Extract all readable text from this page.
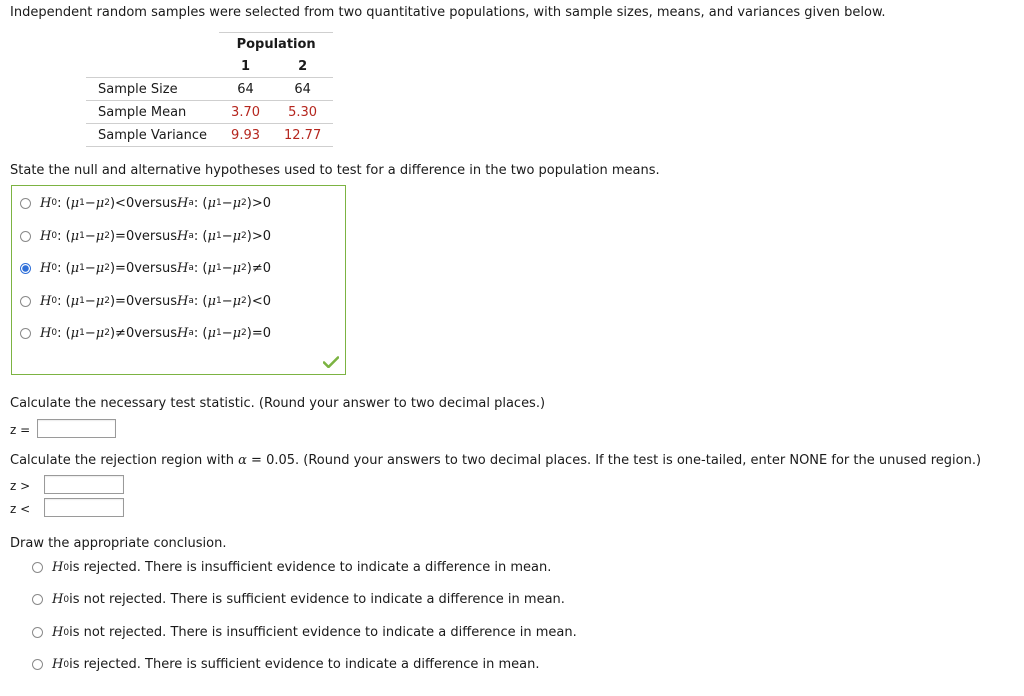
Independent random samples were selected from two quantitative populations, with sample sizes, means, and variances given below.
	Population	
	1	2
Sample Size	64	64
Sample Mean	3.70	5.30
Sample Variance	9.93	12.77
State the null and alternative hypotheses used to test for a difference in the two population means.
H 0 : ( μ 1 − μ 2 ) < 0 versus H a : ( μ 1 − μ 2 ) > 0
H 0 : ( μ 1 − μ 2 ) = 0 versus H a : ( μ 1 − μ 2 ) > 0
H 0 : ( μ 1 − μ 2 ) = 0 versus H a : ( μ 1 − μ 2 ) ≠ 0
H 0 : ( μ 1 − μ 2 ) = 0 versus H a : ( μ 1 − μ 2 ) < 0
H 0 : ( μ 1 − μ 2 ) ≠ 0 versus H a : ( μ 1 − μ 2 ) = 0
Calculate the necessary test statistic. (Round your answer to two decimal places.)
z =
Calculate the rejection region with α = 0.05. (Round your answers to two decimal places. If the test is one-tailed, enter NONE for the unused region.)
z >
z <
Draw the appropriate conclusion.
H 0 is rejected. There is insufficient evidence to indicate a difference in mean.
H 0 is not rejected. There is sufficient evidence to indicate a difference in mean.
H 0 is not rejected. There is insufficient evidence to indicate a difference in mean.
H 0 is rejected. There is sufficient evidence to indicate a difference in mean.
